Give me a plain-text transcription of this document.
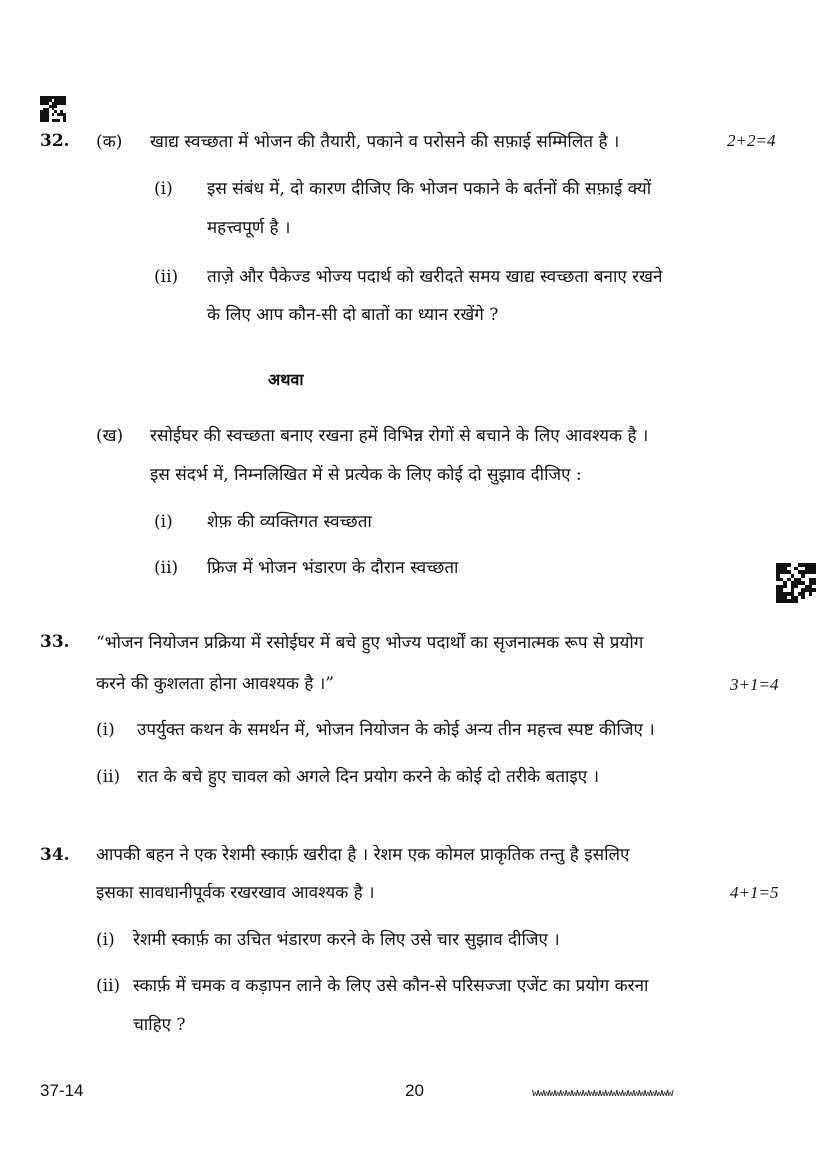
32. (क) खाद्य स्वच्छता में भोजन की तैयारी, पकाने व परोसने की सफ़ाई सम्मिलित है ।	2+2=4
(i) इस संबंध में, दो कारण दीजिए कि भोजन पकाने के बर्तनों की सफ़ाई क्यों
महत्त्वपूर्ण है ।
(ii) ताज़े और पैकेज्ड भोज्य पदार्थ को खरीदते समय खाद्य स्वच्छता बनाए रखने
के लिए आप कौन-सी दो बातों का ध्यान रखेंगे ?
अथवा
(ख) रसोईघर की स्वच्छता बनाए रखना हमें विभिन्न रोगों से बचाने के लिए आवश्यक है ।
इस संदर्भ में, निम्नलिखित में से प्रत्येक के लिए कोई दो सुझाव दीजिए :
(i) शेफ़ की व्यक्तिगत स्वच्छता
(ii) फ्रिज में भोजन भंडारण के दौरान स्वच्छता
33. “भोजन नियोजन प्रक्रिया में रसोईघर में बचे हुए भोज्य पदार्थों का सृजनात्मक रूप से प्रयोग
करने की कुशलता होना आवश्यक है ।”	3+1=4
(i) उपर्युक्त कथन के समर्थन में, भोजन नियोजन के कोई अन्य तीन महत्त्व स्पष्ट कीजिए ।
(ii) रात के बचे हुए चावल को अगले दिन प्रयोग करने के कोई दो तरीके बताइए ।
34. आपकी बहन ने एक रेशमी स्कार्फ़ खरीदा है । रेशम एक कोमल प्राकृतिक तन्तु है इसलिए
इसका सावधानीपूर्वक रखरखाव आवश्यक है ।	4+1=5
(i) रेशमी स्कार्फ़ का उचित भंडारण करने के लिए उसे चार सुझाव दीजिए ।
(ii) स्कार्फ़ में चमक व कड़ापन लाने के लिए उसे कौन-से परिसज्जा एजेंट का प्रयोग करना
चाहिए ?
37-14	20	wwwwwwwwwwwwwwwwwwwwwwwww
